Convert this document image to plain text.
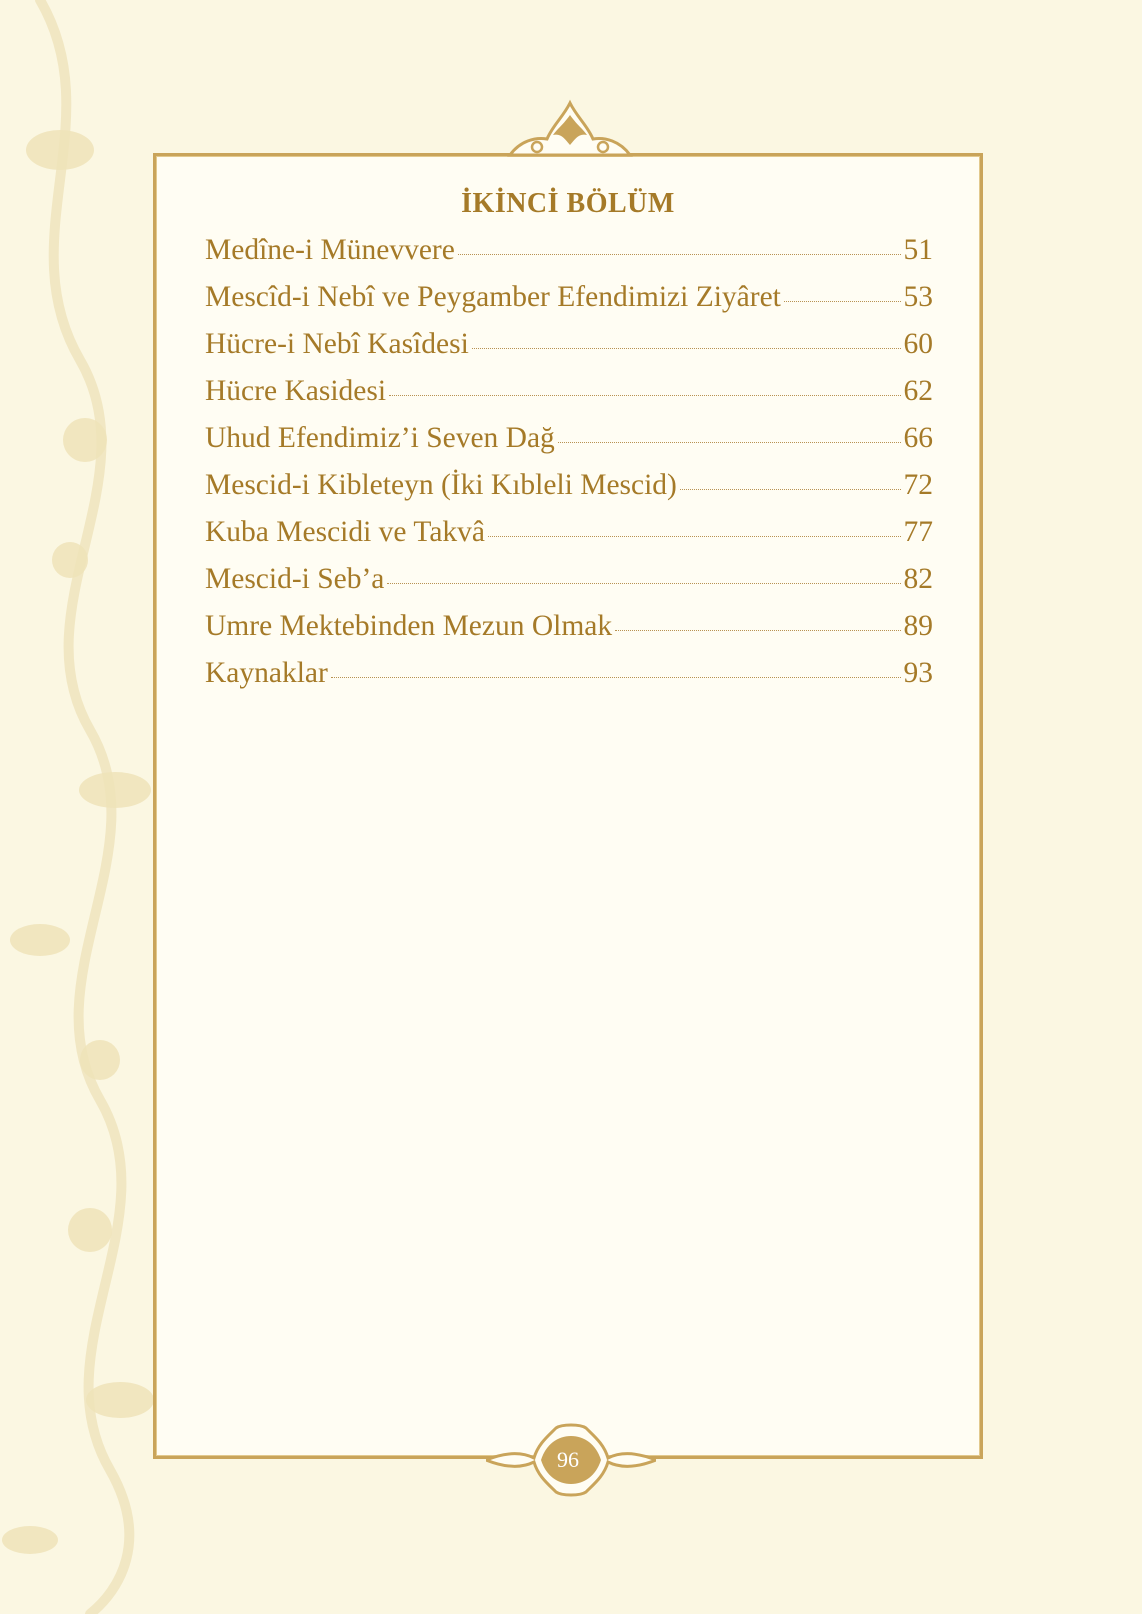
İKİNCİ BÖLÜM
Medîne-i Münevvere	51
Mescîd-i Nebî ve Peygamber Efendimizi Ziyâret	53
Hücre-i Nebî Kasîdesi	60
Hücre Kasidesi	62
Uhud Efendimiz’i Seven Dağ	66
Mescid-i Kibleteyn (İki Kıbleli Mescid)	72
Kuba Mescidi ve Takvâ	77
Mescid-i Seb’a	82
Umre Mektebinden Mezun Olmak	89
Kaynaklar	93
96
